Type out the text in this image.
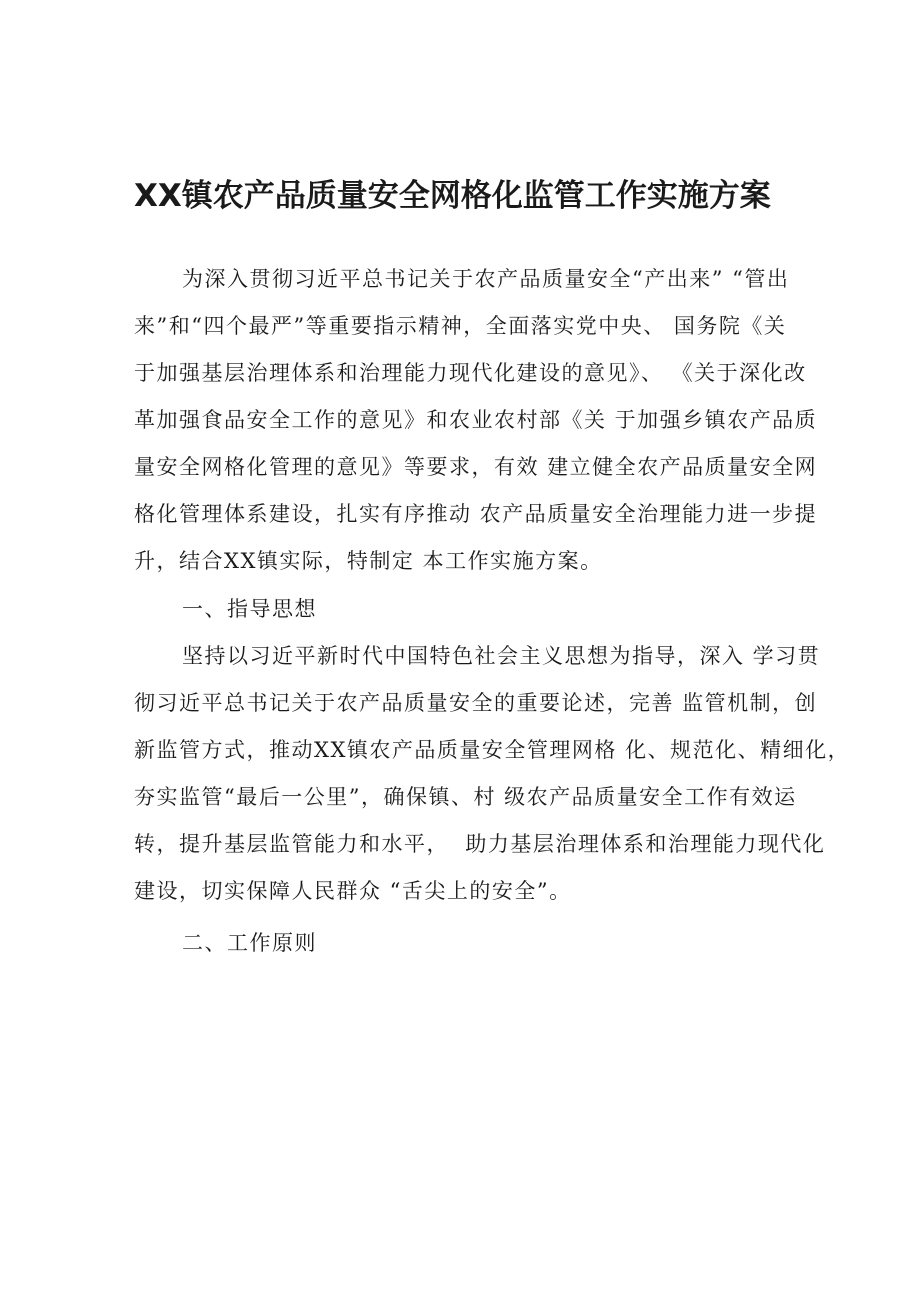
XX镇农产品质量安全网格化监管工作实施方案
为深入贯彻习近平总书记关于农产品质量安全“产出来” “管出
来”和“四个最严”等重要指示精神，全面落实党中央、 国务院《关
于加强基层治理体系和治理能力现代化建设的意见》、 《关于深化改
革加强食品安全工作的意见》和农业农村部《关 于加强乡镇农产品质
量安全网格化管理的意见》等要求，有效 建立健全农产品质量安全网
格化管理体系建设，扎实有序推动 农产品质量安全治理能力进一步提
升，结合XX镇实际，特制定 本工作实施方案。
一、指导思想
坚持以习近平新时代中国特色社会主义思想为指导，深入 学习贯
彻习近平总书记关于农产品质量安全的重要论述，完善 监管机制，创
新监管方式，推动XX镇农产品质量安全管理网格 化、规范化、精细化，
夯实监管“最后一公里”，确保镇、村 级农产品质量安全工作有效运
转，提升基层监管能力和水平，  助力基层治理体系和治理能力现代化
建设，切实保障人民群众 “舌尖上的安全”。
二、工作原则
